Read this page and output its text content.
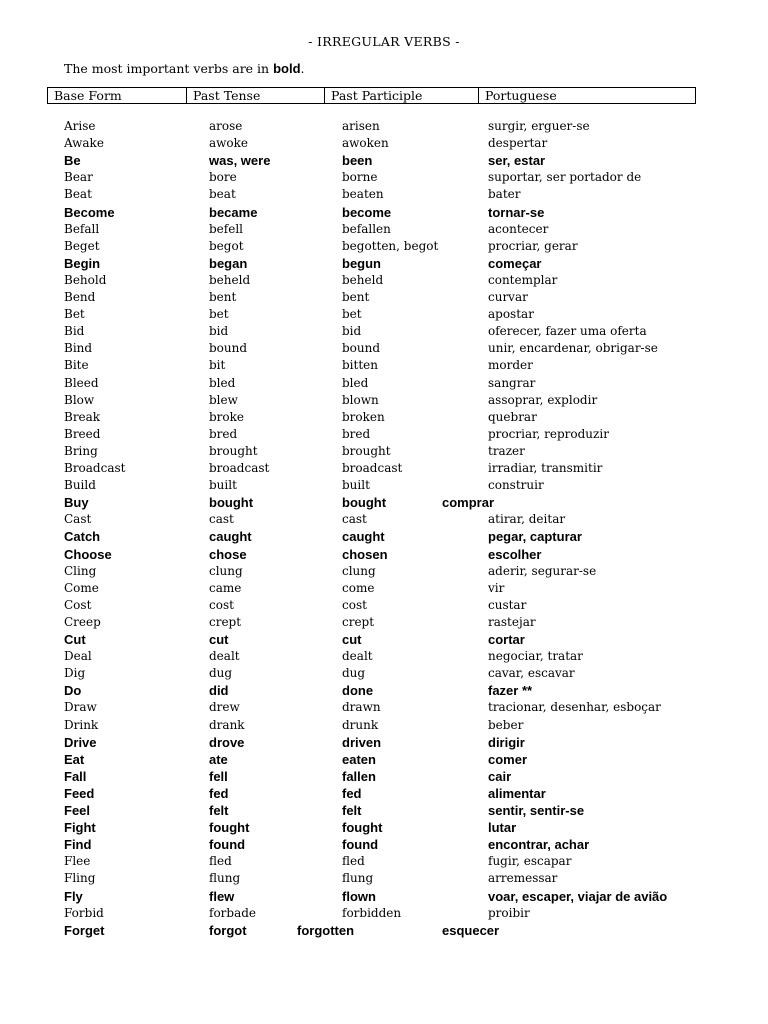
- IRREGULAR VERBS -
The most important verbs are in bold.
Base Form	Past Tense	Past Participle	Portuguese
Arise	arose	arisen	surgir, erguer-se
Awake	awoke	awoken	despertar
Be	was, were	been	ser, estar
Bear	bore	borne	suportar, ser portador de
Beat	beat	beaten	bater
Become	became	become	tornar-se
Befall	befell	befallen	acontecer
Beget	begot	begotten, begot	procriar, gerar
Begin	began	begun	começar
Behold	beheld	beheld	contemplar
Bend	bent	bent	curvar
Bet	bet	bet	apostar
Bid	bid	bid	oferecer, fazer uma oferta
Bind	bound	bound	unir, encardenar, obrigar-se
Bite	bit	bitten	morder
Bleed	bled	bled	sangrar
Blow	blew	blown	assoprar, explodir
Break	broke	broken	quebrar
Breed	bred	bred	procriar, reproduzir
Bring	brought	brought	trazer
Broadcast	broadcast	broadcast	irradiar, transmitir
Build	built	built	construir
Buy	bought	bought	comprar
Cast	cast	cast	atirar, deitar
Catch	caught	caught	pegar, capturar
Choose	chose	chosen	escolher
Cling	clung	clung	aderir, segurar-se
Come	came	come	vir
Cost	cost	cost	custar
Creep	crept	crept	rastejar
Cut	cut	cut	cortar
Deal	dealt	dealt	negociar, tratar
Dig	dug	dug	cavar, escavar
Do	did	done	fazer **
Draw	drew	drawn	tracionar, desenhar, esboçar
Drink	drank	drunk	beber
Drive	drove	driven	dirigir
Eat	ate	eaten	comer
Fall	fell	fallen	cair
Feed	fed	fed	alimentar
Feel	felt	felt	sentir, sentir-se
Fight	fought	fought	lutar
Find	found	found	encontrar, achar
Flee	fled	fled	fugir, escapar
Fling	flung	flung	arremessar
Fly	flew	flown	voar, escaper, viajar de avião
Forbid	forbade	forbidden	proibir
Forget	forgot	forgotten	esquecer
